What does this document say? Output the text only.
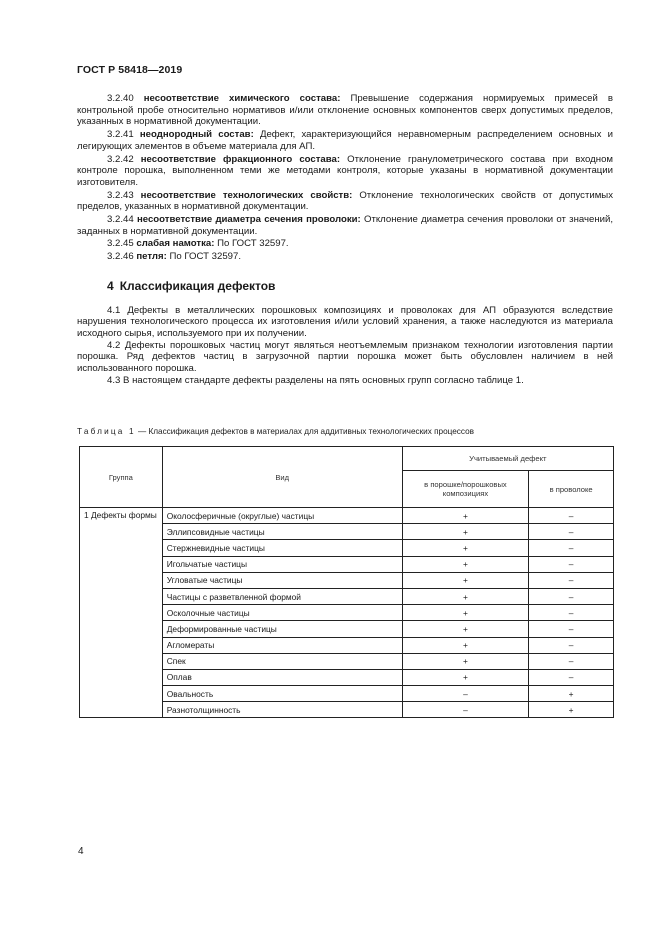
ГОСТ Р 58418—2019

3.2.40 несоответствие химического состава: Превышение содержания нормируемых примесей в контрольной пробе относительно нормативов и/или отклонение основных компонентов сверх допустимых пределов, указанных в нормативной документации.

3.2.41 неоднородный состав: Дефект, характеризующийся неравномерным распределением основных и легирующих элементов в объеме материала для АП.

3.2.42 несоответствие фракционного состава: Отклонение гранулометрического состава при входном контроле порошка, выполненном теми же методами контроля, которые указаны в нормативной документации изготовителя.

3.2.43 несоответствие технологических свойств: Отклонение технологических свойств от допустимых пределов, указанных в нормативной документации.

3.2.44 несоответствие диаметра сечения проволоки: Отклонение диаметра сечения проволоки от значений, заданных в нормативной документации.

3.2.45 слабая намотка: По ГОСТ 32597.

3.2.46 петля: По ГОСТ 32597.

4 Классификация дефектов

4.1 Дефекты в металлических порошковых композициях и проволоках для АП образуются вследствие нарушения технологического процесса их изготовления и/или условий хранения, а также наследуются из материала исходного сырья, используемого при их получении.

4.2 Дефекты порошковых частиц могут являться неотъемлемым признаком технологии изготовления партии порошка. Ряд дефектов частиц в загрузочной партии порошка может быть обусловлен наличием в ней использованного порошка.

4.3 В настоящем стандарте дефекты разделены на пять основных групп согласно таблице 1.

Таблица 1 — Классификация дефектов в материалах для аддитивных технологических процессов
Группа	Вид	Учитываемый дефект	
		в порошке/порошковых композициях	в проволоке
1 Дефекты формы	Околосферичные (округлые) частицы	+	–
	Эллипсовидные частицы	+	–
	Стержневидные частицы	+	–
	Игольчатые частицы	+	–
	Угловатые частицы	+	–
	Частицы с разветвленной формой	+	–
	Осколочные частицы	+	–
	Деформированные частицы	+	–
	Агломераты	+	–
	Спек	+	–
	Оплав	+	–
	Овальность	–	+
	Разнотолщинность	–	+
4
